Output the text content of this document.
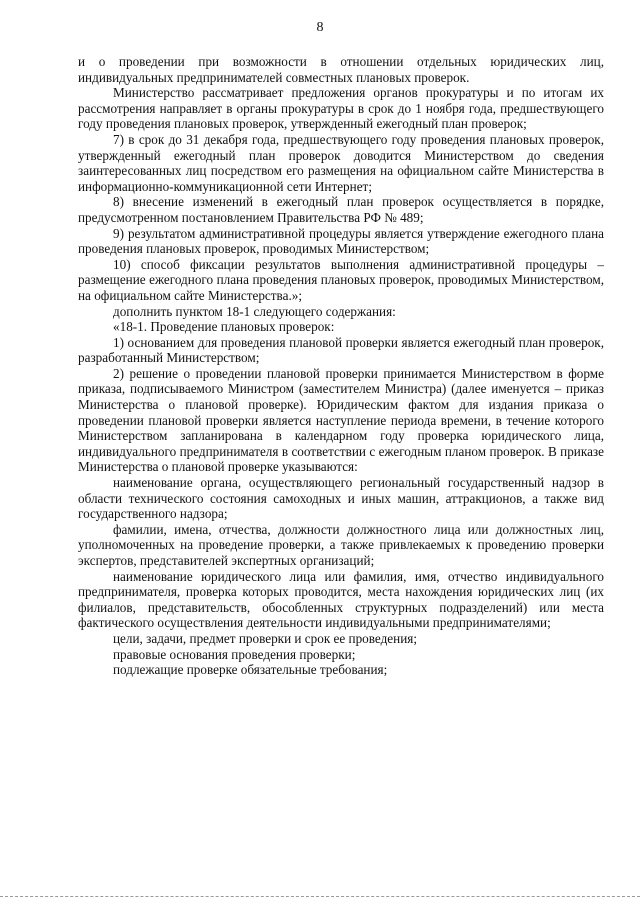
8

и о проведении при возможности в отношении отдельных юридических лиц, индивидуальных предпринимателей совместных плановых проверок.

Министерство рассматривает предложения органов прокуратуры и по итогам их рассмотрения направляет в органы прокуратуры в срок до 1 ноября года, предшествующего году проведения плановых проверок, утвержденный ежегодный план проверок;

7) в срок до 31 декабря года, предшествующего году проведения плановых проверок, утвержденный ежегодный план проверок доводится Министерством до сведения заинтересованных лиц посредством его размещения на официальном сайте Министерства в информационно-коммуникационной сети Интернет;

8) внесение изменений в ежегодный план проверок осуществляется в порядке, предусмотренном постановлением Правительства РФ № 489;

9) результатом административной процедуры является утверждение ежегодного плана проведения плановых проверок, проводимых Министерством;

10) способ фиксации результатов выполнения административной процедуры – размещение ежегодного плана проведения плановых проверок, проводимых Министерством, на официальном сайте Министерства.»;

дополнить пунктом 18-1 следующего содержания:

«18-1. Проведение плановых проверок:

1) основанием для проведения плановой проверки является ежегодный план проверок, разработанный Министерством;

2) решение о проведении плановой проверки принимается Министерством в форме приказа, подписываемого Министром (заместителем Министра) (далее именуется – приказ Министерства о плановой проверке). Юридическим фактом для издания приказа о проведении плановой проверки является наступление периода времени, в течение которого Министерством запланирована в календарном году проверка юридического лица, индивидуального предпринимателя в соответствии с ежегодным планом проверок. В приказе Министерства о плановой проверке указываются:

наименование органа, осуществляющего региональный государственный надзор в области технического состояния самоходных и иных машин, аттракционов, а также вид государственного надзора;

фамилии, имена, отчества, должности должностного лица или должностных лиц, уполномоченных на проведение проверки, а также привлекаемых к проведению проверки экспертов, представителей экспертных организаций;

наименование юридического лица или фамилия, имя, отчество индивидуального предпринимателя, проверка которых проводится, места нахождения юридических лиц (их филиалов, представительств, обособленных структурных подразделений) или места фактического осуществления деятельности индивидуальными предпринимателями;

цели, задачи, предмет проверки и срок ее проведения;

правовые основания проведения проверки;

подлежащие проверке обязательные требования;
